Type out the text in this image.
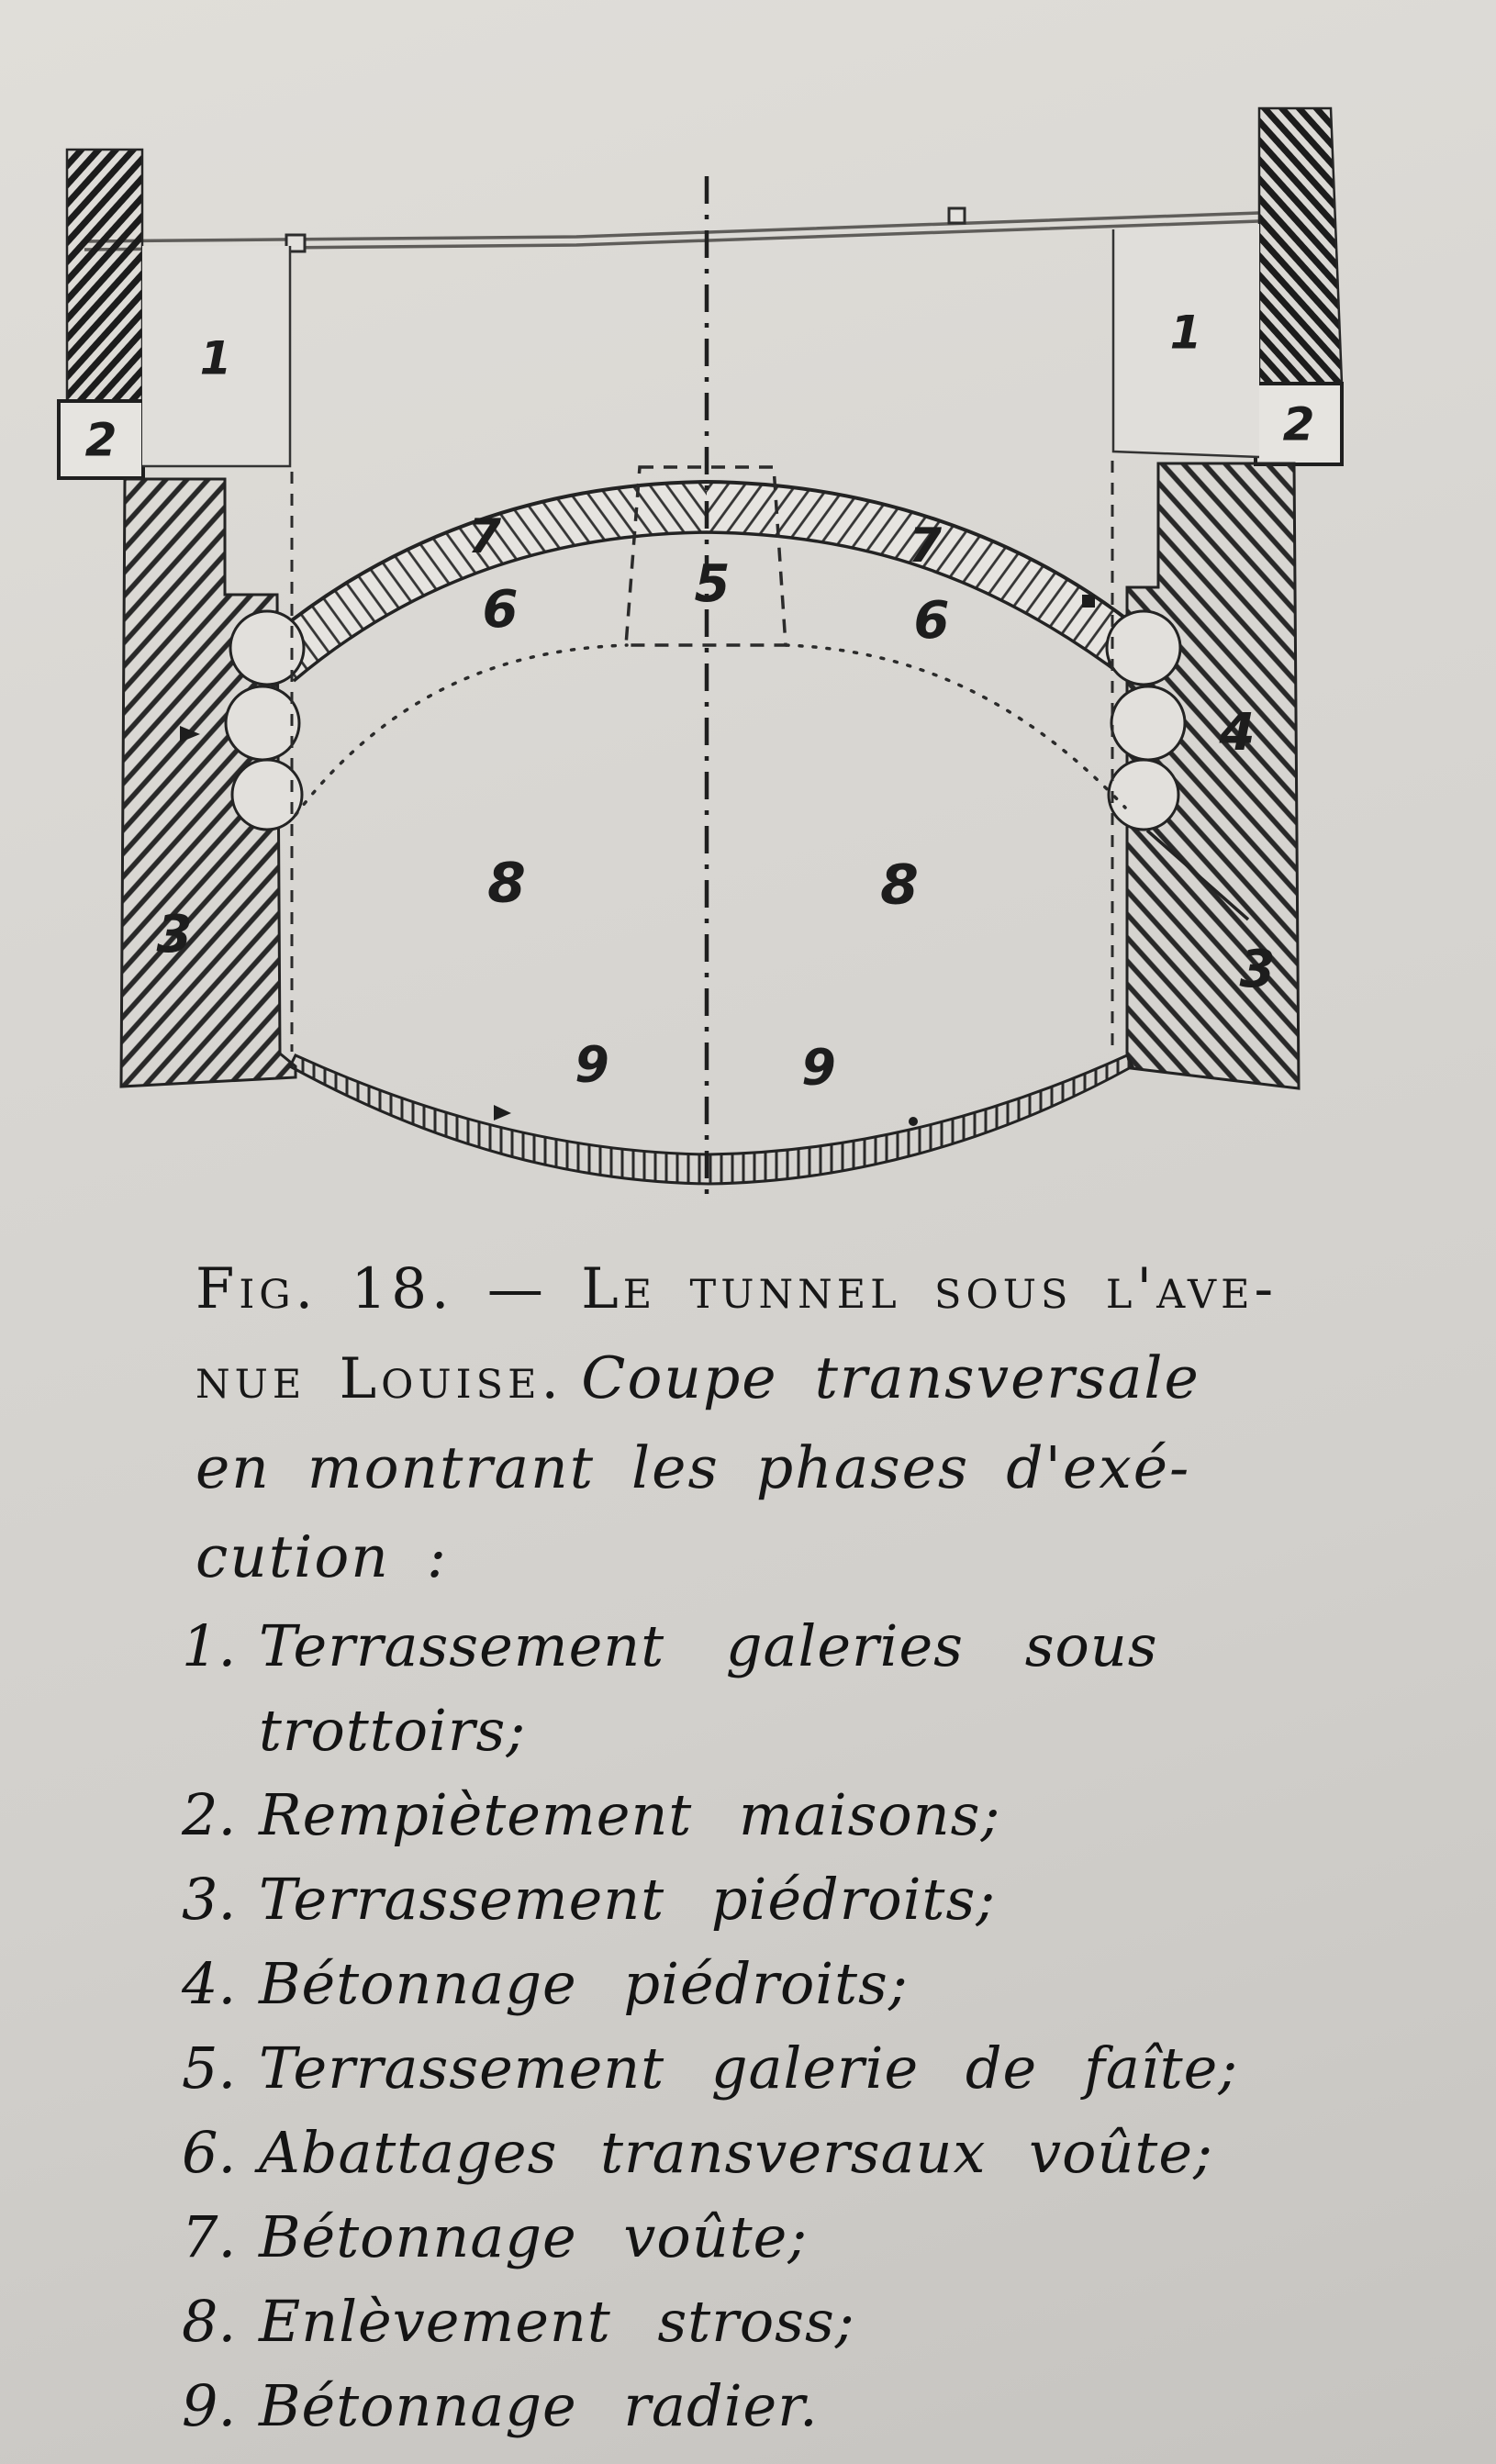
1	1
2	2
3
3
4
5
6	6
7	7
8	8
9	9

Fig. 18. — Le tunnel sous l'ave-

nue Louise. Coupe transversale

en montrant les phases d'exé-

cution :

1. Terrassement galeries sous
trottoirs;
2. Rempiètement maisons;
3. Terrassement piédroits;
4. Bétonnage piédroits;
5. Terrassement galerie de faîte;
6. Abattages transversaux voûte;
7. Bétonnage voûte;
8. Enlèvement stross;
9. Bétonnage radier.
